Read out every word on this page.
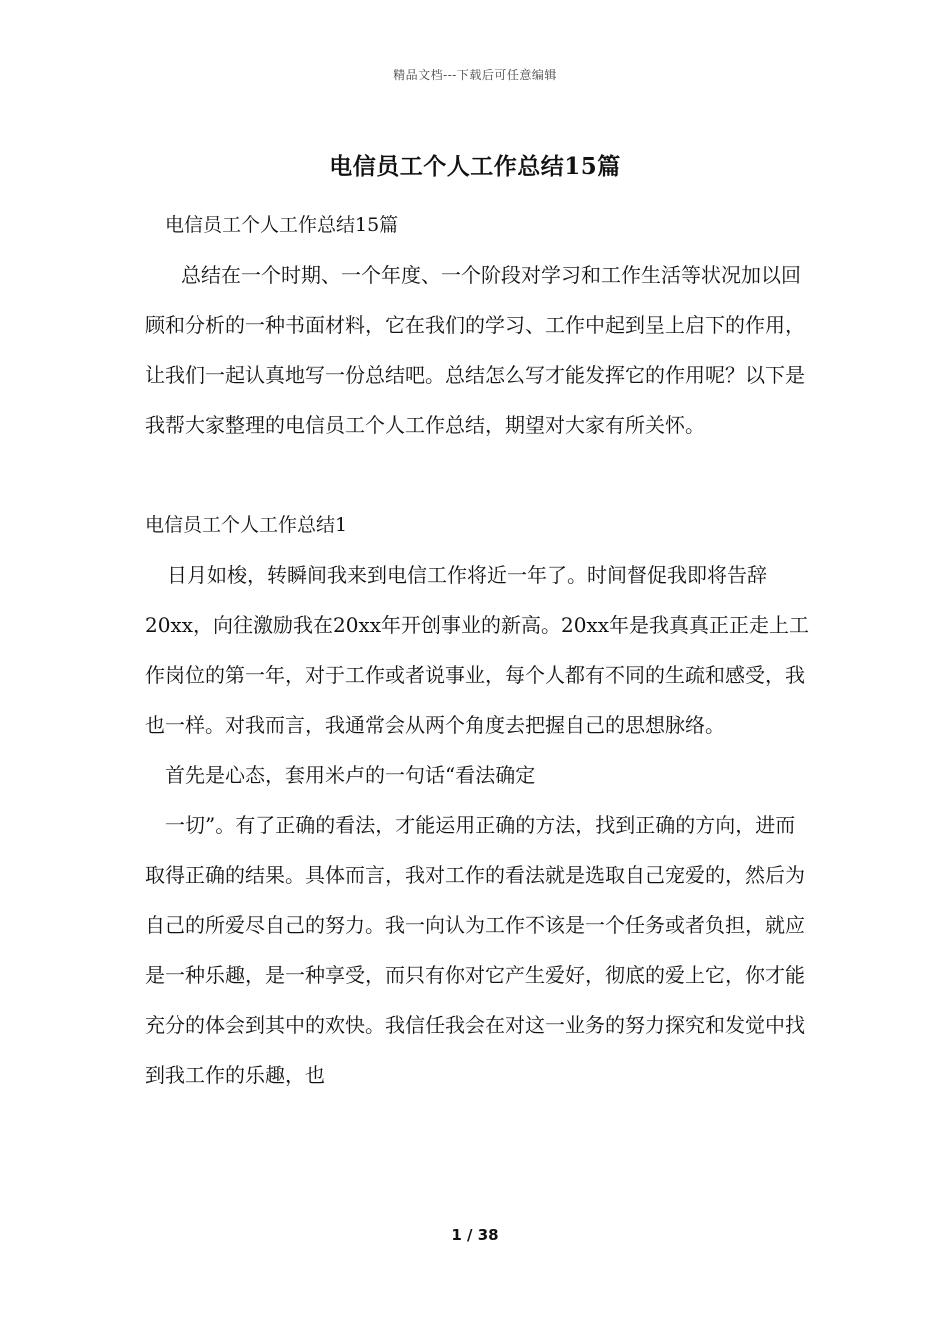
精品文档---下载后可任意编辑
电信员工个人工作总结15篇

电信员工个人工作总结15篇

总结在一个时期、一个年度、一个阶段对学习和工作生活等状况加以回顾和分析的一种书面材料，它在我们的学习、工作中起到呈上启下的作用，让我们一起认真地写一份总结吧。总结怎么写才能发挥它的作用呢？以下是我帮大家整理的电信员工个人工作总结，期望对大家有所关怀。

电信员工个人工作总结1

日月如梭，转瞬间我来到电信工作将近一年了。时间督促我即将告辞20xx，向往激励我在20xx年开创事业的新高。20xx年是我真真正正走上工作岗位的第一年，对于工作或者说事业，每个人都有不同的生疏和感受，我也一样。对我而言，我通常会从两个角度去把握自己的思想脉络。

首先是心态，套用米卢的一句话“看法确定

一切”。有了正确的看法，才能运用正确的方法，找到正确的方向，进而取得正确的结果。具体而言，我对工作的看法就是选取自己宠爱的，然后为自己的所爱尽自己的努力。我一向认为工作不该是一个任务或者负担，就应是一种乐趣，是一种享受，而只有你对它产生爱好，彻底的爱上它，你才能充分的体会到其中的欢快。我信任我会在对这一业务的努力探究和发觉中找到我工作的乐趣，也

1 / 38
